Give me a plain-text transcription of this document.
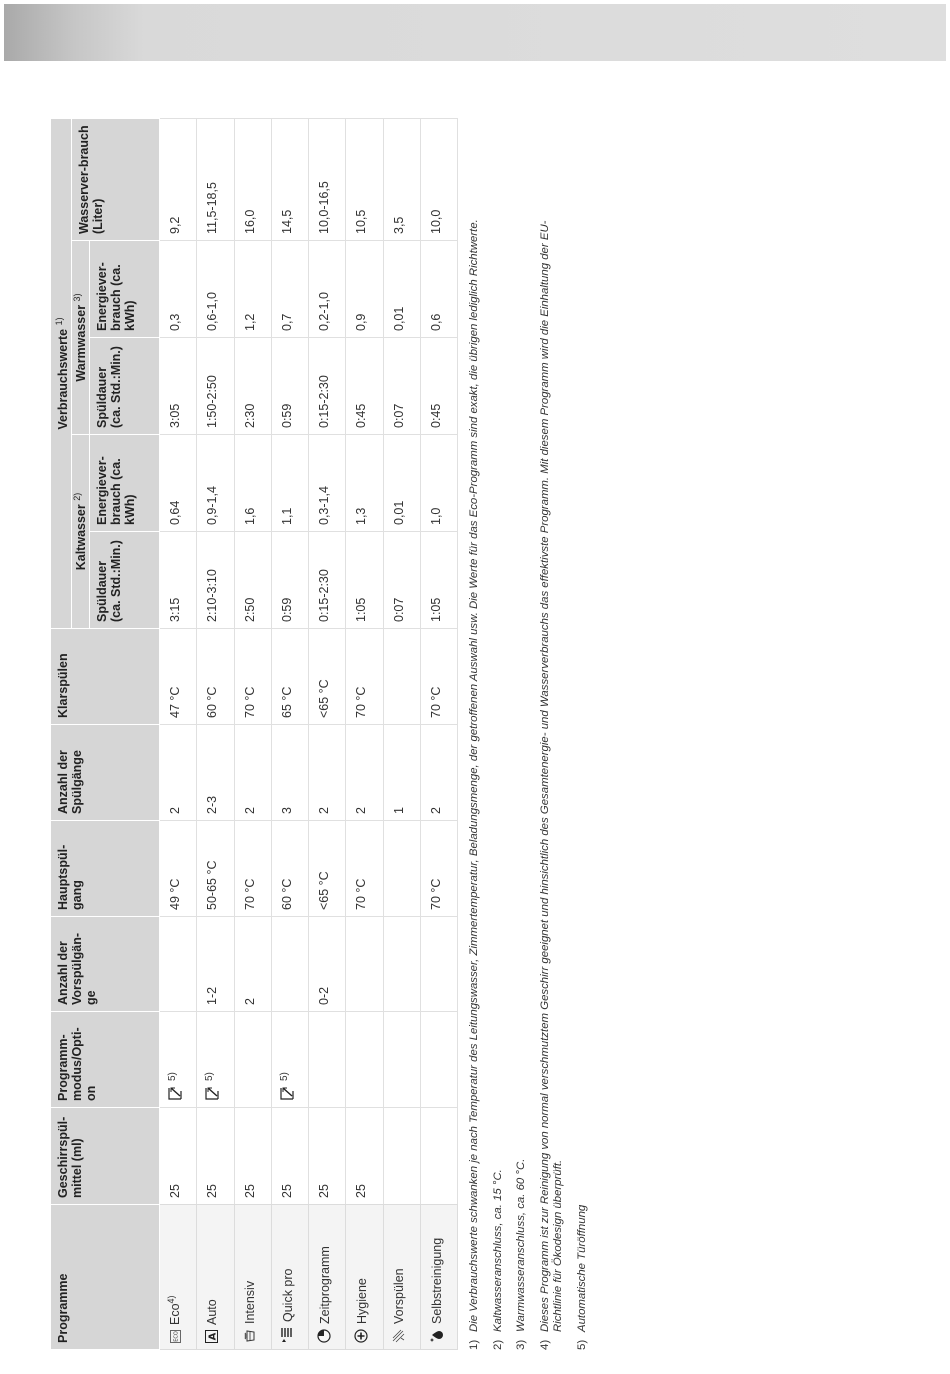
Programme	Geschirrspül-mittel (ml)	Programm-modus/Opti-on	Anzahl der Vorspülgän-ge	Hauptspül-gang	Anzahl der Spülgänge	Klarspülen	Verbrauchswerte $^{1)}$
							Kaltwasser $^{2)}$		Warmwasser $^{3)}$		Wasserver-brauch (Liter)
							Spüldauer (ca. Std.:Min.)	Energiever-brauch (ca. kWh)	Spüldauer (ca. Std.:Min.)	Energiever-brauch (ca. kWh)	

ECO
Eco$^{4)}$	25	$^{5)}$		49 °C	2	47 °C	3:15	0,64	3:05	0,3	9,2

A
Auto	25	$^{5)}$	1-2	50-65 °C	2-3	60 °C	2:10-3:10	0,9-1,4	1:50-2:50	0,6-1,0	11,5-18,5
Intensiv	25		2	70 °C	2	70 °C	2:50	1,6	2:30	1,2	16,0
Quick pro	25	$^{5)}$		60 °C	3	65 °C	0:59	1,1	0:59	0,7	14,5
Zeitprogramm	25		0-2	<65 °C	2	<65 °C	0:15-2:30	0,3-1,4	0:15-2:30	0,2-1,0	10,0-16,5
Hygiene	25			70 °C	2	70 °C	1:05	1,3	0:45	0,9	10,5
Vorspülen					1		0:07	0,01	0:07	0,01	3,5
Selbstreinigung				70 °C	2	70 °C	1:05	1,0	0:45	0,6	10,0
1)
Die Verbrauchswerte schwanken je nach Temperatur des Leitungswasser, Zimmertemperatur, Beladungsmenge, der getroffenen Auswahl usw. Die Werte für das Eco-Programm sind exakt, die übrigen lediglich Richtwerte.
2)
Kaltwasseranschluss, ca. 15 °C.
3)
Warmwasseranschluss, ca. 60 °C.
4)
Dieses Programm ist zur Reinigung von normal verschmutztem Geschirr geeignet und hinsichtlich des Gesamtenergie- und Wasserverbrauchs das effektivste Programm. Mit diesem Programm wird die Einhaltung der EU-Richtlinie für Ökodesign überprüft.
5)
Automatische Türöffnung
